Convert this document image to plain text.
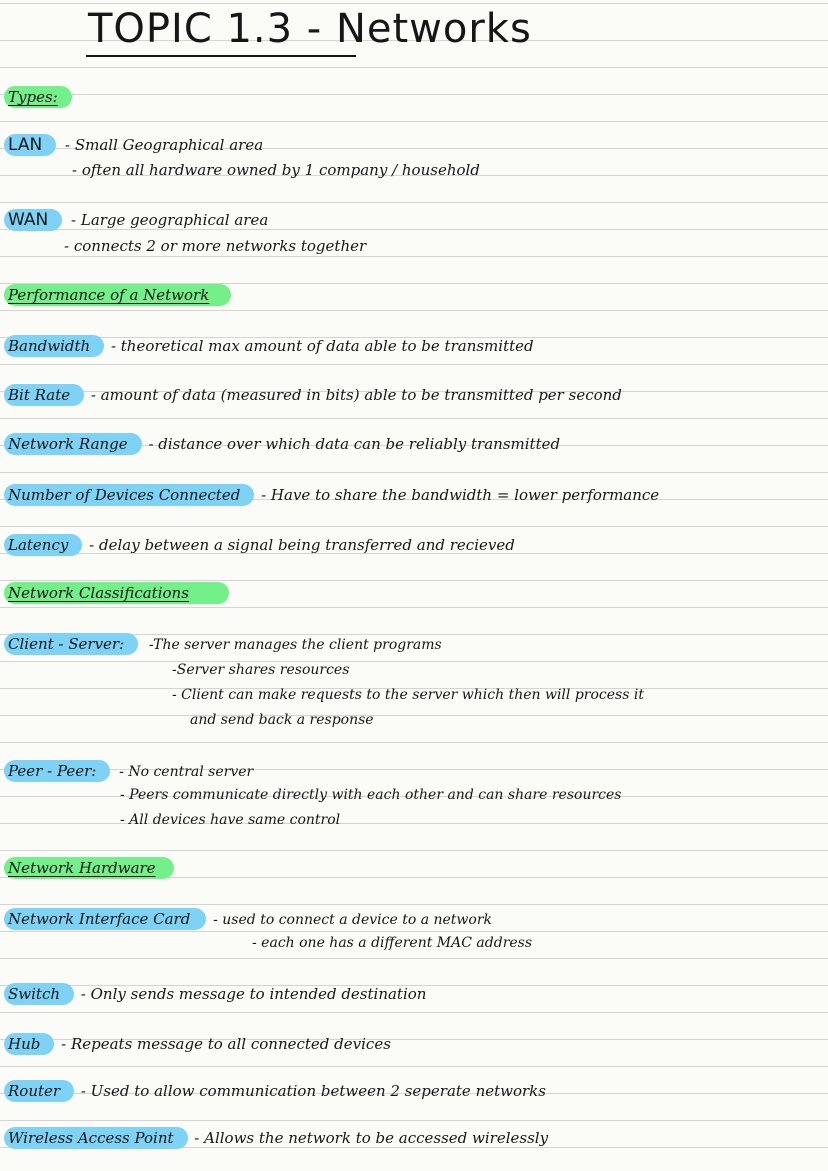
TOPIC 1.3 - Networks
Types:
LAN - Small Geographical area
- often all hardware owned by 1 company / household
WAN - Large geographical area
- connects 2 or more networks together
Performance of a Network
Bandwidth - theoretical max amount of data able to be transmitted
Bit Rate - amount of data (measured in bits) able to be transmitted per second
Network Range - distance over which data can be reliably transmitted
Number of Devices Connected - Have to share the bandwidth = lower performance
Latency - delay between a signal being transferred and recieved
Network Classifications
Client - Server: -The server manages the client programs
-Server shares resources
- Client can make requests to the server which then will process it
and send back a response
Peer - Peer: - No central server
- Peers communicate directly with each other and can share resources
- All devices have same control
Network Hardware
Network Interface Card - used to connect a device to a network
- each one has a different MAC address
Switch - Only sends message to intended destination
Hub - Repeats message to all connected devices
Router - Used to allow communication between 2 seperate networks
Wireless Access Point - Allows the network to be accessed wirelessly
